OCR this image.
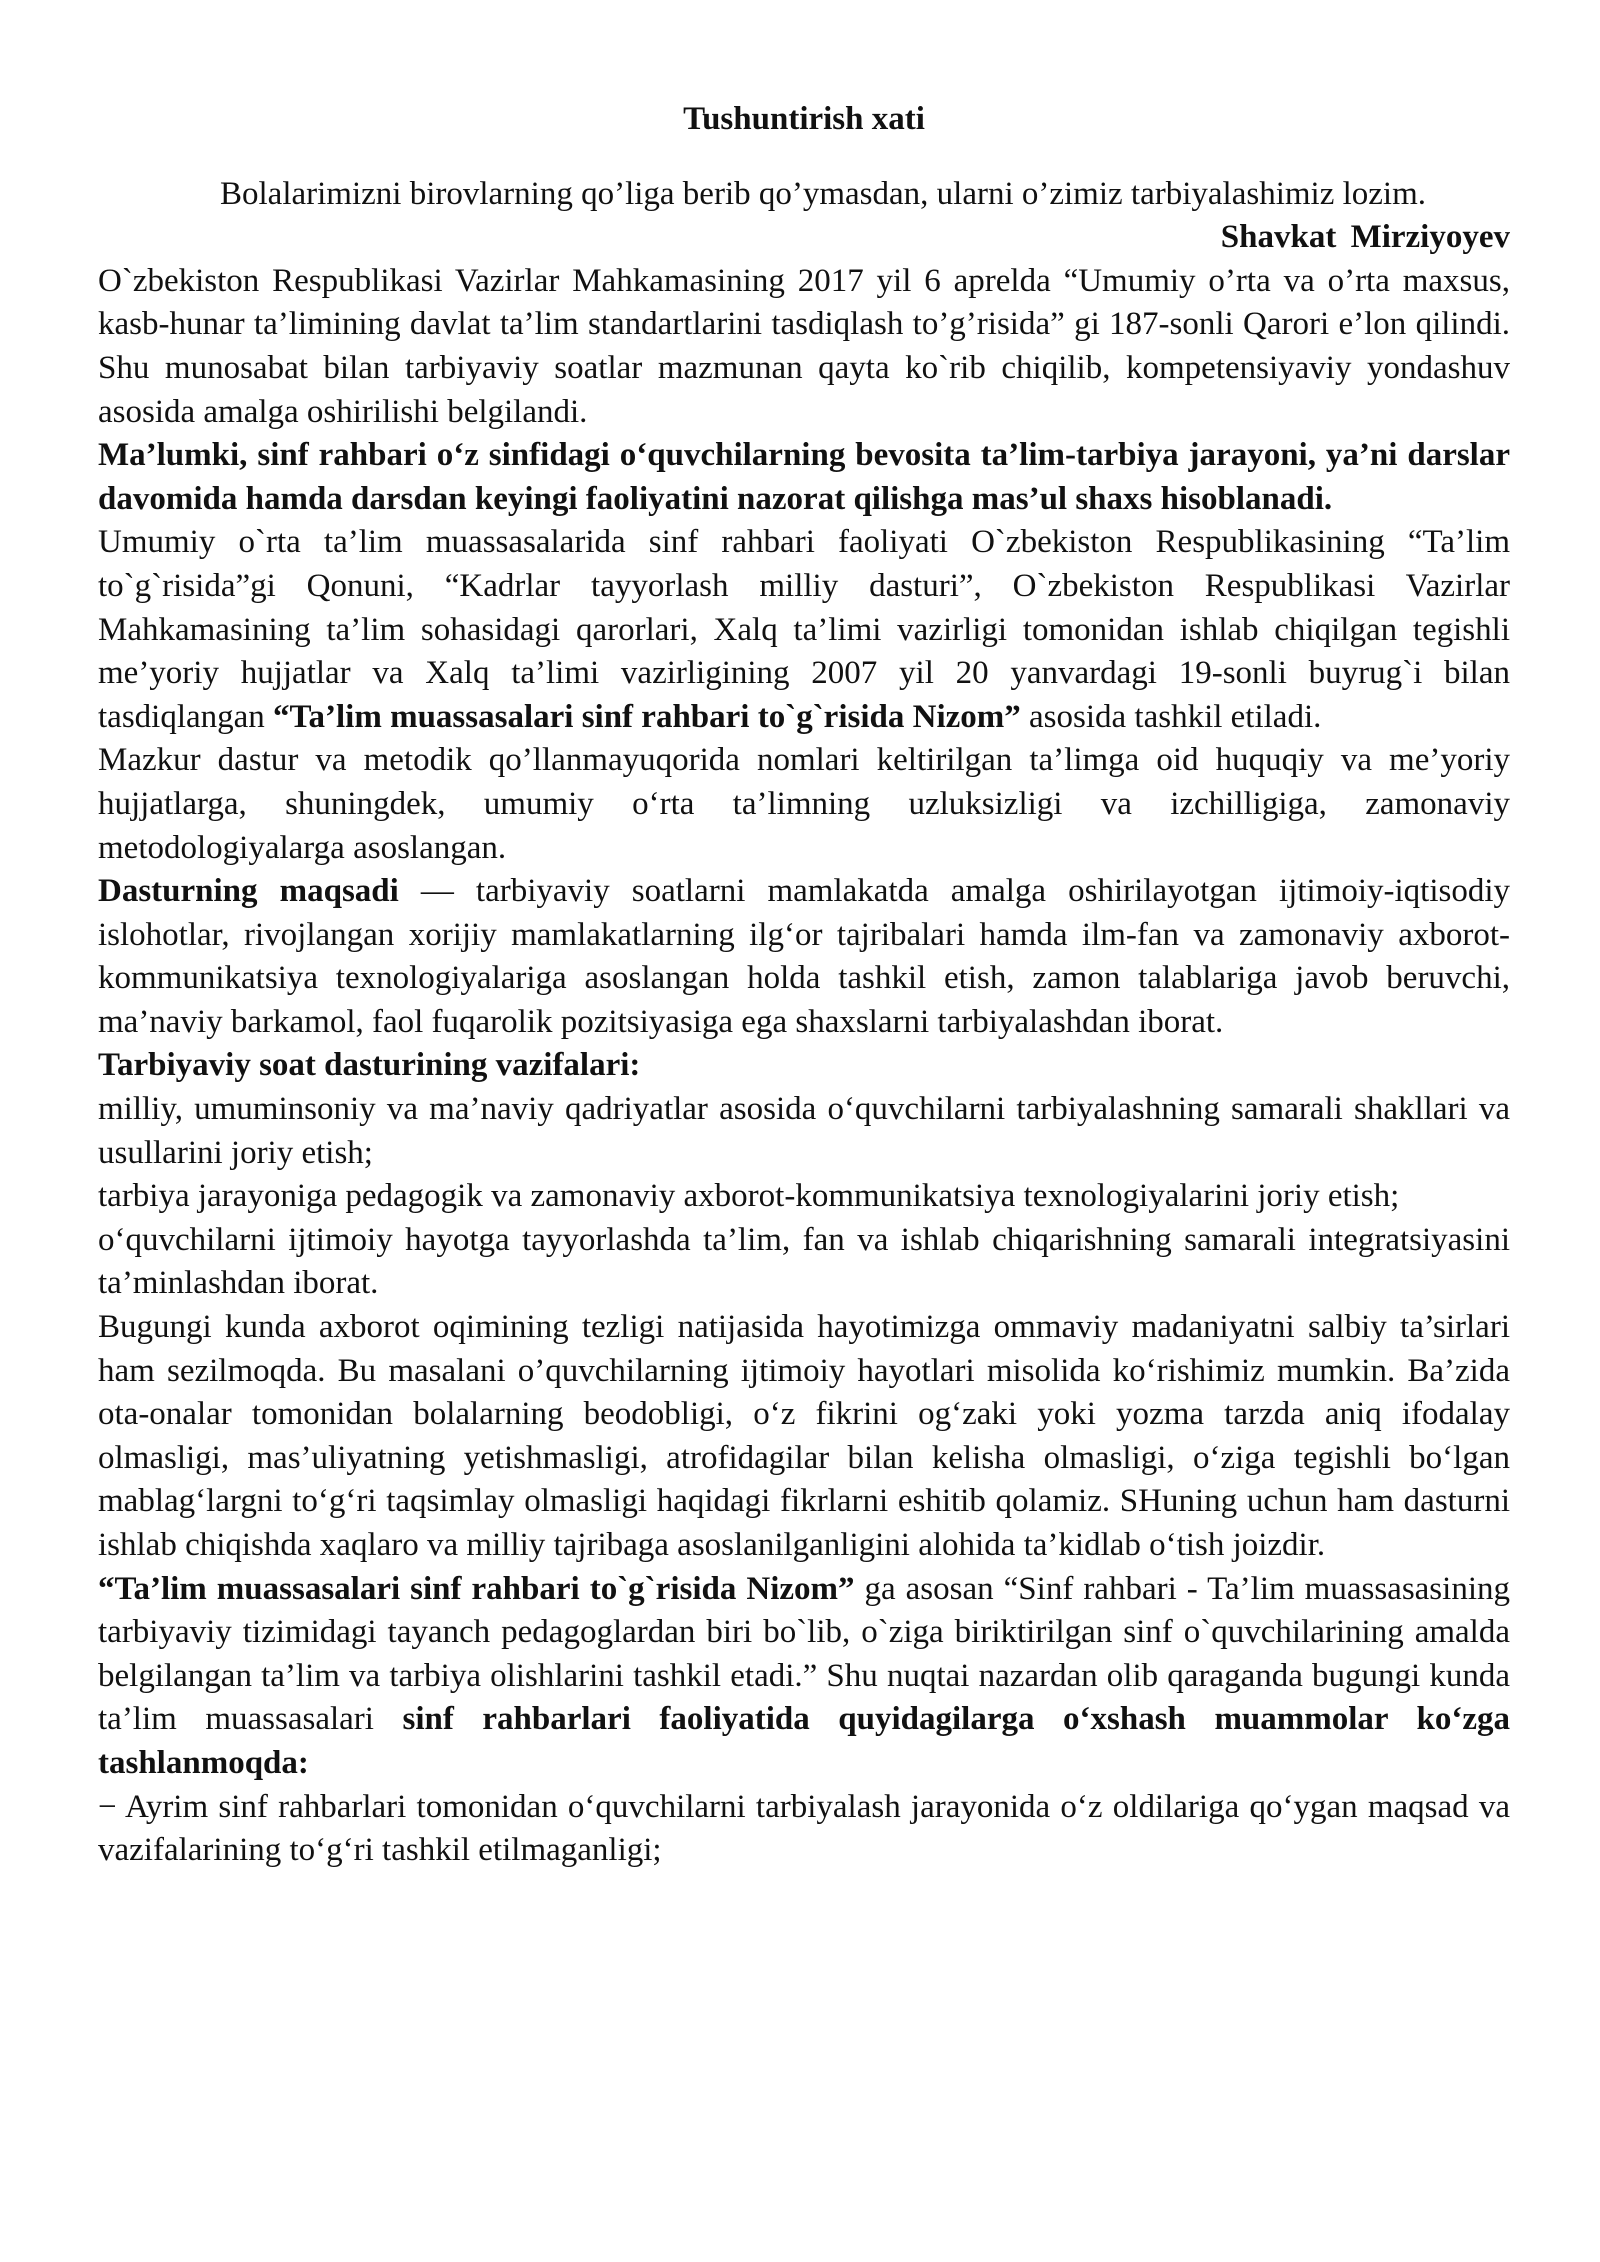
Tushuntirish xati

Bolalarimizni birovlarning qo’liga berib qo’ymasdan, ularni o’zimiz tarbiyalashimiz lozim.

Shavkat Mirziyoyev

O`zbekiston Respublikasi Vazirlar Mahkamasining 2017 yil 6 aprelda “Umumiy o’rta va o’rta maxsus, kasb-hunar ta’limining davlat ta’lim standartlarini tasdiqlash to’g’risida” gi 187-sonli Qarori e’lon qilindi. Shu munosabat bilan tarbiyaviy soatlar mazmunan qayta ko`rib chiqilib, kompetensiyaviy yondashuv asosida amalga oshirilishi belgilandi.

Ma’lumki, sinf rahbari oʻz sinfidagi oʻquvchilarning bevosita ta’lim-tarbiya jarayoni, ya’ni darslar davomida hamda darsdan keyingi faoliyatini nazorat qilishga mas’ul shaxs hisoblanadi.

Umumiy o`rta ta’lim muassasalarida sinf rahbari faoliyati O`zbekiston Respublikasining “Ta’lim to`g`risida”gi Qonuni, “Kadrlar tayyorlash milliy dasturi”, O`zbekiston Respublikasi Vazirlar Mahkamasining ta’lim sohasidagi qarorlari, Xalq ta’limi vazirligi tomonidan ishlab chiqilgan tegishli me’yoriy hujjatlar va Xalq ta’limi vazirligining 2007 yil 20 yanvardagi 19-sonli buyrug`i bilan tasdiqlangan “Ta’lim muassasalari sinf rahbari to`g`risida Nizom” asosida tashkil etiladi.

Mazkur dastur va metodik qo’llanmayuqorida nomlari keltirilgan ta’limga oid huquqiy va me’yoriy hujjatlarga, shuningdek, umumiy oʻrta ta’limning uzluksizligi va izchilligiga, zamonaviy metodologiyalarga asoslangan.

Dasturning maqsadi — tarbiyaviy soatlarni mamlakatda amalga oshirilayotgan ijtimoiy-iqtisodiy islohotlar, rivojlangan xorijiy mamlakatlarning ilgʻor tajribalari hamda ilm-fan va zamonaviy axborot-kommunikatsiya texnologiyalariga asoslangan holda tashkil etish, zamon talablariga javob beruvchi, ma’naviy barkamol, faol fuqarolik pozitsiyasiga ega shaxslarni tarbiyalashdan iborat.

Tarbiyaviy soat dasturining vazifalari:

milliy, umuminsoniy va ma’naviy qadriyatlar asosida oʻquvchilarni tarbiyalashning samarali shakllari va usullarini joriy etish;

tarbiya jarayoniga pedagogik va zamonaviy axborot-kommunikatsiya texnologiyalarini joriy etish;

oʻquvchilarni ijtimoiy hayotga tayyorlashda ta’lim, fan va ishlab chiqarishning samarali integratsiyasini ta’minlashdan iborat.

Bugungi kunda axborot oqimining tezligi natijasida hayotimizga ommaviy madaniyatni salbiy ta’sirlari ham sezilmoqda. Bu masalani o’quvchilarning ijtimoiy hayotlari misolida koʻrishimiz mumkin. Ba’zida ota-onalar tomonidan bolalarning beodobligi, oʻz fikrini ogʻzaki yoki yozma tarzda aniq ifodalay olmasligi, mas’uliyatning yetishmasligi, atrofidagilar bilan kelisha olmasligi, oʻziga tegishli boʻlgan mablagʻlargni toʻgʻri taqsimlay olmasligi haqidagi fikrlarni eshitib qolamiz. SHuning uchun ham dasturni ishlab chiqishda xaqlaro va milliy tajribaga asoslanilganligini alohida ta’kidlab oʻtish joizdir.

“Ta’lim muassasalari sinf rahbari to`g`risida Nizom” ga asosan “Sinf rahbari - Ta’lim muassasasining tarbiyaviy tizimidagi tayanch pedagoglardan biri bo`lib, o`ziga biriktirilgan sinf o`quvchilarining amalda belgilangan ta’lim va tarbiya olishlarini tashkil etadi.” Shu nuqtai nazardan olib qaraganda bugungi kunda ta’lim muassasalari sinf rahbarlari faoliyatida quyidagilarga oʻxshash muammolar koʻzga tashlanmoqda:

− Ayrim sinf rahbarlari tomonidan oʻquvchilarni tarbiyalash jarayonida oʻz oldilariga qoʻygan maqsad va vazifalarining toʻgʻri tashkil etilmaganligi;
